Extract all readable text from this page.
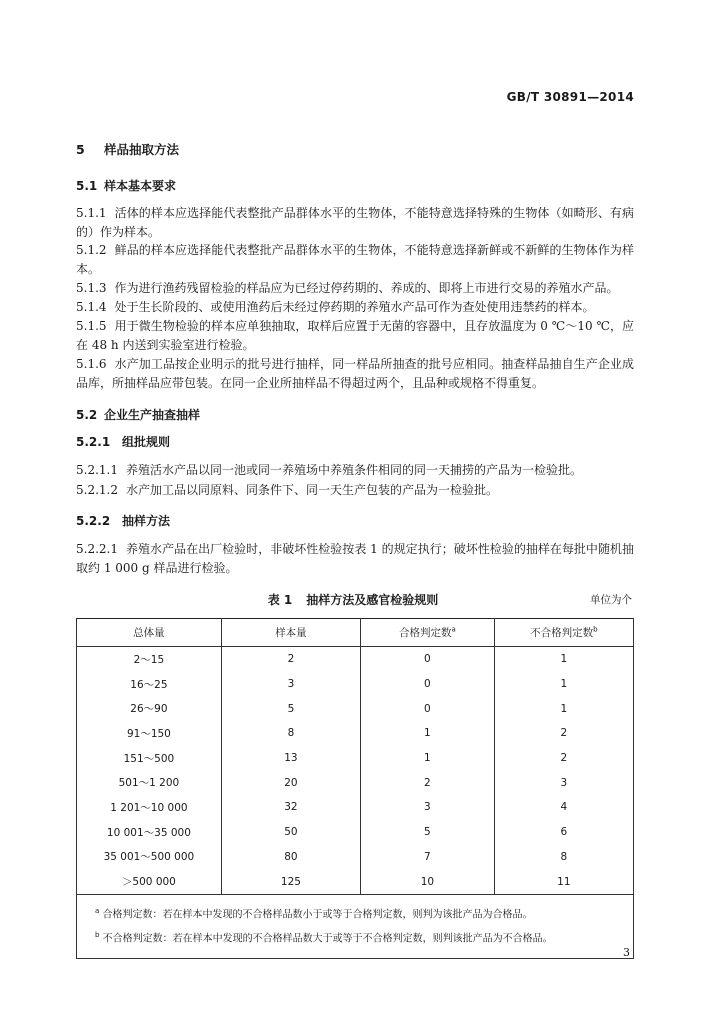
GB/T 30891—2014
5 样品抽取方法
5.1 样本基本要求
5.1.1 活体的样本应选择能代表整批产品群体水平的生物体，不能特意选择特殊的生物体（如畸形、有病的）作为样本。
5.1.2 鲜品的样本应选择能代表整批产品群体水平的生物体，不能特意选择新鲜或不新鲜的生物体作为样本。
5.1.3 作为进行渔药残留检验的样品应为已经过停药期的、养成的、即将上市进行交易的养殖水产品。
5.1.4 处于生长阶段的、或使用渔药后未经过停药期的养殖水产品可作为查处使用违禁药的样本。
5.1.5 用于微生物检验的样本应单独抽取，取样后应置于无菌的容器中，且存放温度为 0 ℃～10 ℃，应在 48 h 内送到实验室进行检验。
5.1.6 水产加工品按企业明示的批号进行抽样，同一样品所抽查的批号应相同。抽查样品抽自生产企业成品库，所抽样品应带包装。在同一企业所抽样品不得超过两个，且品种或规格不得重复。
5.2 企业生产抽查抽样
5.2.1 组批规则
5.2.1.1 养殖活水产品以同一池或同一养殖场中养殖条件相同的同一天捕捞的产品为一检验批。
5.2.1.2 水产加工品以同原料、同条件下、同一天生产包装的产品为一检验批。
5.2.2 抽样方法
5.2.2.1 养殖水产品在出厂检验时，非破坏性检验按表 1 的规定执行；破坏性检验的抽样在每批中随机抽取约 1 000 g 样品进行检验。
表 1 抽样方法及感官检验规则	单位为个
总体量	样本量	合格判定数$^a$	不合格判定数$^b$
2～15	2	0	1
16～25	3	0	1
26～90	5	0	1
91～150	8	1	2
151～500	13	1	2
501～1 200	20	2	3
1 201～10 000	32	3	4
10 001～35 000	50	5	6
35 001～500 000	80	7	8
＞500 000	125	10	11

$^a$ 合格判定数：若在样本中发现的不合格样品数小于或等于合格判定数，则判为该批产品为合格品。
$^b$ 不合格判定数：若在样本中发现的不合格样品数大于或等于不合格判定数，则判该批产品为不合格品。			
3
